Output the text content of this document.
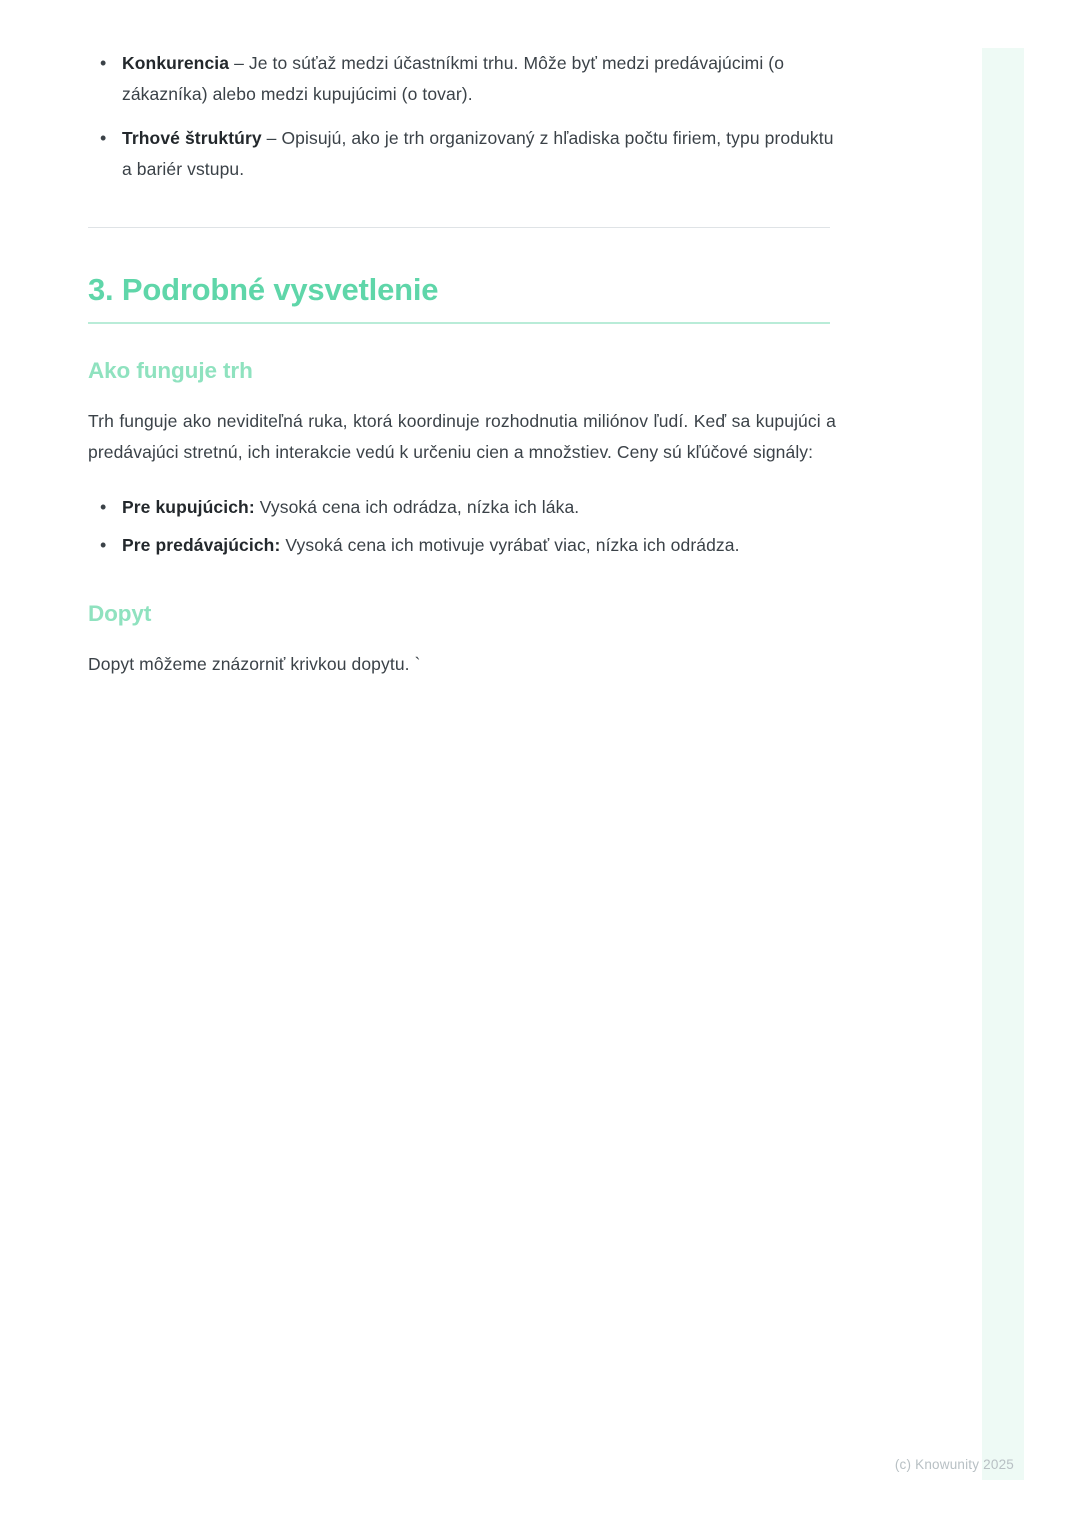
• Konkurencia – Je to súťaž medzi účastníkmi trhu. Môže byť medzi predávajúcimi (o zákazníka) alebo medzi kupujúcimi (o tovar).
• Trhové štruktúry – Opisujú, ako je trh organizovaný z hľadiska počtu firiem, typu produktu a bariér vstupu.
3. Podrobné vysvetlenie
Ako funguje trh

Trh funguje ako neviditeľná ruka, ktorá koordinuje rozhodnutia miliónov ľudí. Keď sa kupujúci a predávajúci stretnú, ich interakcie vedú k určeniu cien a množstiev. Ceny sú kľúčové signály:

• Pre kupujúcich: Vysoká cena ich odrádza, nízka ich láka.
• Pre predávajúcich: Vysoká cena ich motivuje vyrábať viac, nízka ich odrádza.
Dopyt

Dopyt môžeme znázorniť krivkou dopytu. `

(c) Knowunity 2025
